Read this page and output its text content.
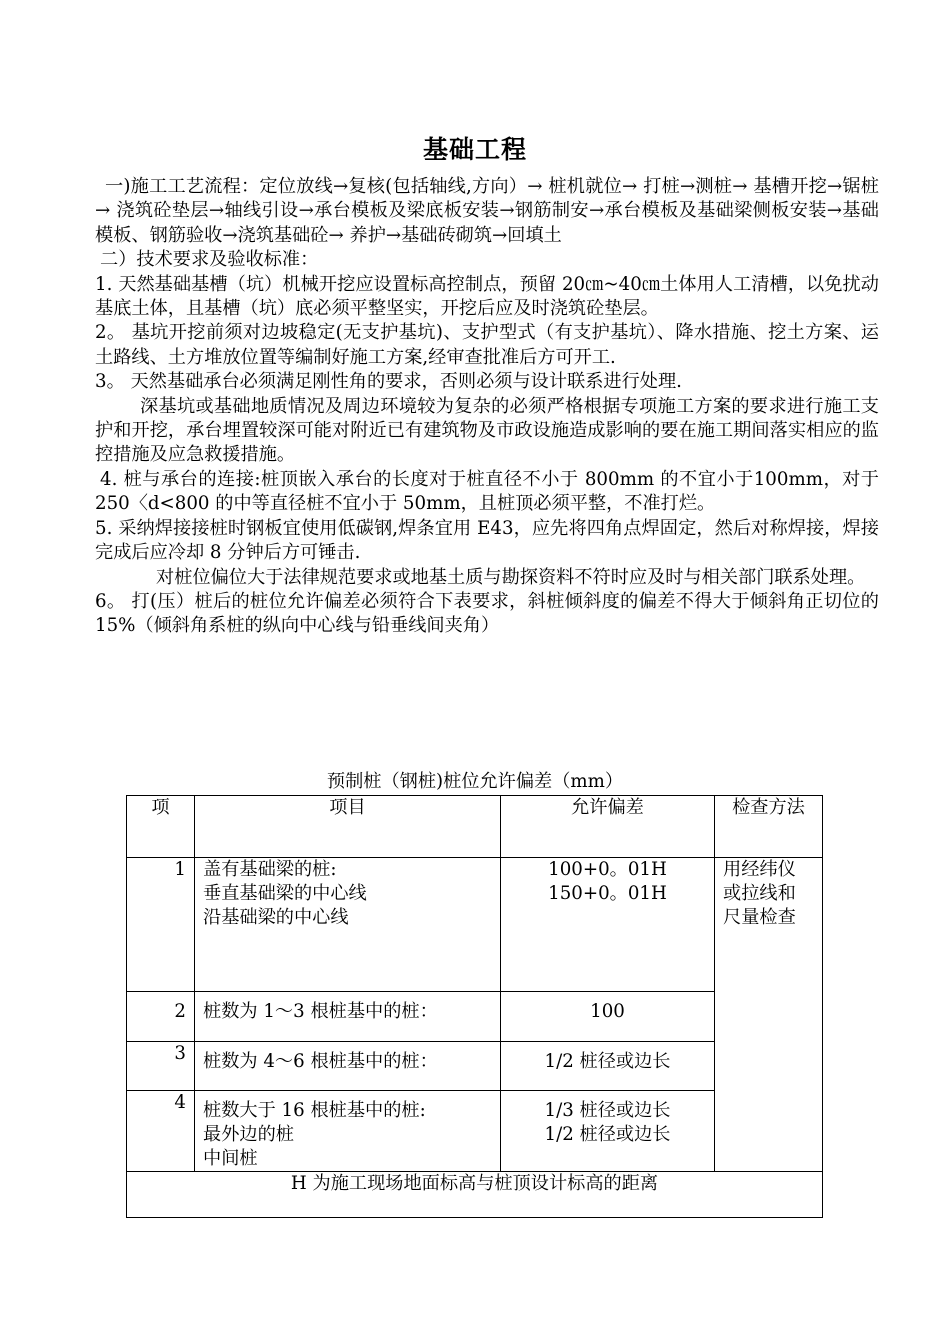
基础工程

一)施工工艺流程：定位放线→复核(包括轴线,方向）→ 桩机就位→ 打桩→测桩→ 基槽开挖→锯桩→ 浇筑砼垫层→轴线引设→承台模板及梁底板安装→钢筋制安→承台模板及基础梁侧板安装→基础模板、钢筋验收→浇筑基础砼→ 养护→基础砖砌筑→回填土

二）技术要求及验收标准：

1. 天然基础基槽（坑）机械开挖应设置标高控制点，预留 20㎝~40㎝土体用人工清槽，以免扰动基底土体，且基槽（坑）底必须平整坚实，开挖后应及时浇筑砼垫层。

2。 基坑开挖前须对边坡稳定(无支护基坑)、支护型式（有支护基坑）、降水措施、挖土方案、运土路线、土方堆放位置等编制好施工方案,经审查批准后方可开工.

3。 天然基础承台必须满足刚性角的要求，否则必须与设计联系进行处理.

深基坑或基础地质情况及周边环境较为复杂的必须严格根据专项施工方案的要求进行施工支护和开挖，承台埋置较深可能对附近已有建筑物及市政设施造成影响的要在施工期间落实相应的监控措施及应急救援措施。

4. 桩与承台的连接:桩顶嵌入承台的长度对于桩直径不小于 800mm 的不宜小于100mm，对于 250〈d<800 的中等直径桩不宜小于 50mm，且桩顶必须平整，不准打烂。

5. 采纳焊接接桩时钢板宜使用低碳钢,焊条宜用 E43，应先将四角点焊固定，然后对称焊接，焊接完成后应冷却 8 分钟后方可锤击.

对桩位偏位大于法律规范要求或地基土质与勘探资料不符时应及时与相关部门联系处理。

6。 打(压）桩后的桩位允许偏差必须符合下表要求，斜桩倾斜度的偏差不得大于倾斜角正切位的 15%（倾斜角系桩的纵向中心线与铅垂线间夹角）

预制桩（钢桩)桩位允许偏差（mm）
项	项目	允许偏差	检查方法
1	盖有基础梁的桩:
垂直基础梁的中心线
沿基础梁的中心线	100+0。01H
150+0。01H	用经纬仪
或拉线和
尺量检查

2	桩数为 1～3 根桩基中的桩：	100	

3	桩数为 4～6 根桩基中的桩：	1/2 桩径或边长	

4	桩数大于 16 根桩基中的桩:
最外边的桩
中间桩	1/3 桩径或边长
1/2 桩径或边长	

H 为施工现场地面标高与桩顶设计标高的距离			
